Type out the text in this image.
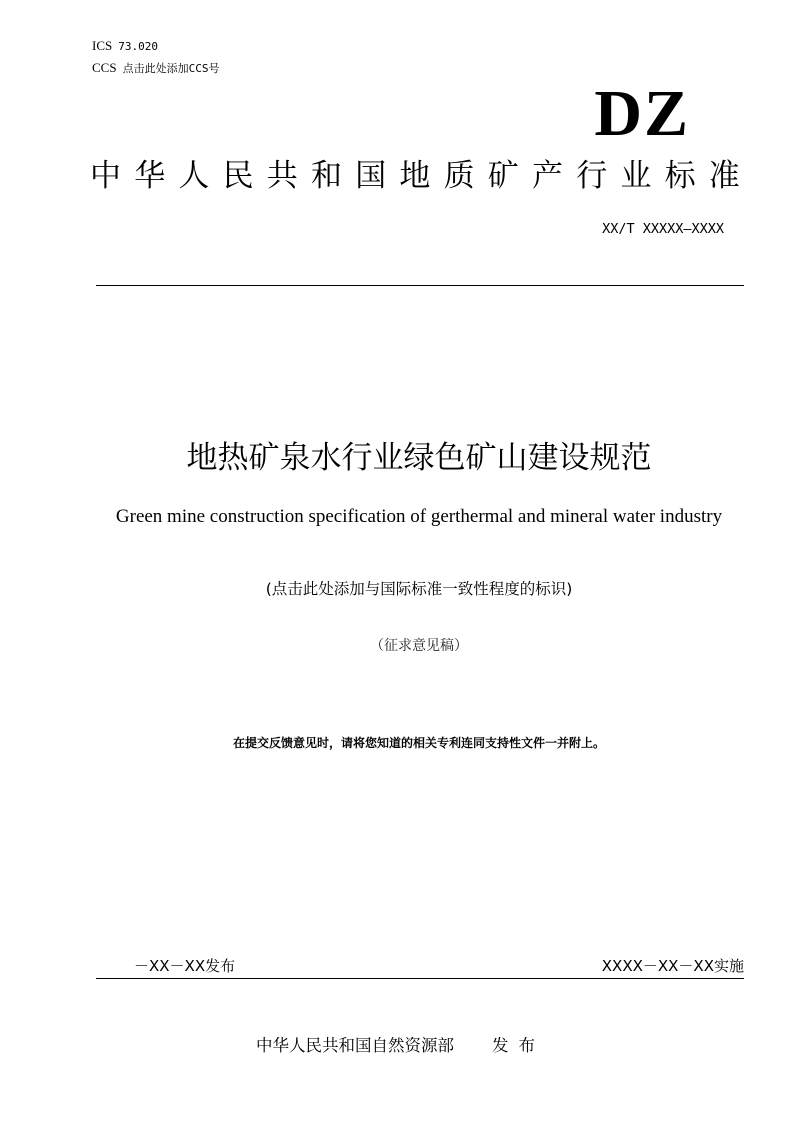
ICS 73.020
CCS 点击此处添加CCS号
DZ
中华人民共和国地质矿产行业标准
XX/T XXXXX—XXXX
地热矿泉水行业绿色矿山建设规范
Green mine construction specification of gerthermal and mineral water industry
(点击此处添加与国际标准一致性程度的标识)
（征求意见稿）
在提交反馈意见时，请将您知道的相关专利连同支持性文件一并附上。
－XX－XX发布	XXXX－XX－XX实施
中华人民共和国自然资源部 发布
